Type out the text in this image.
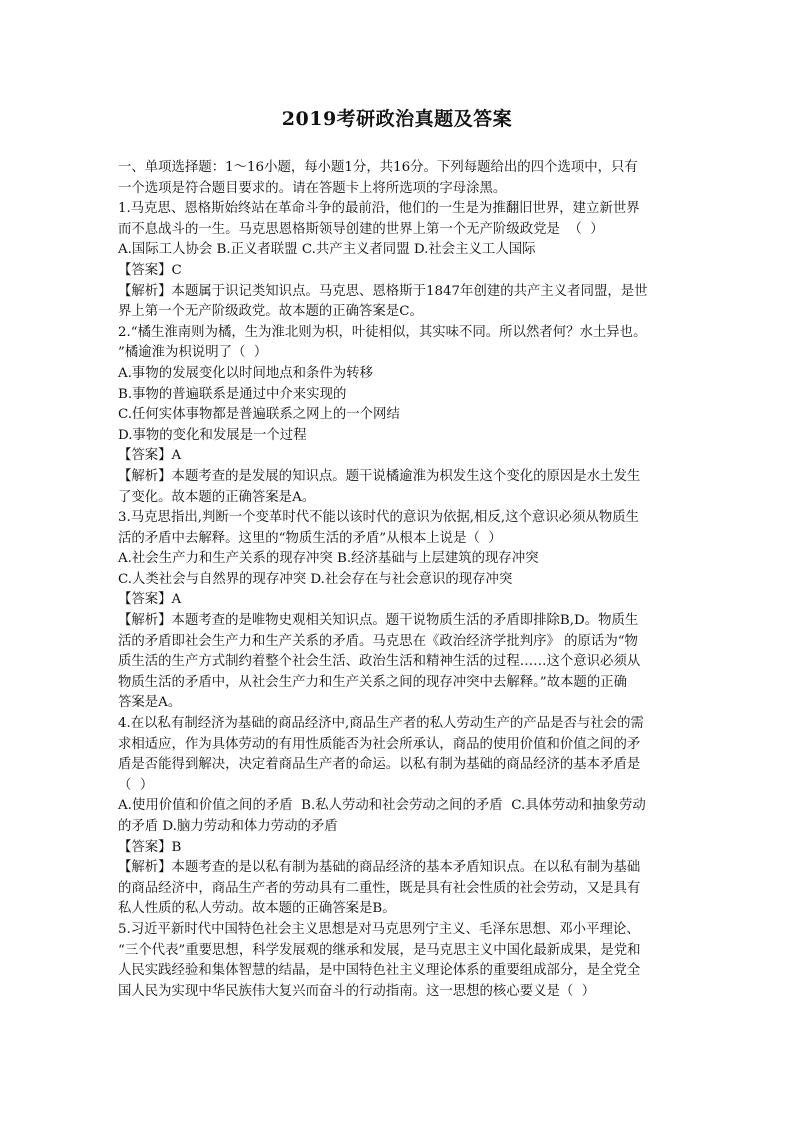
2019考研政治真题及答案

一、单项选择题：1～16小题，每小题1分，共16分。下列每题给出的四个选项中，只有

一个选项是符合题目要求的。请在答题卡上将所选项的字母涂黑。

1.马克思、恩格斯始终站在革命斗争的最前沿，他们的一生是为推翻旧世界，建立新世界

而不息战斗的一生。马克思恩格斯领导创建的世界上第一个无产阶级政党是  （  ）

A.国际工人协会 B.正义者联盟 C.共产主义者同盟 D.社会主义工人国际

【答案】C

【解析】本题属于识记类知识点。马克思、恩格斯于1847年创建的共产主义者同盟，是世

界上第一个无产阶级政党。故本题的正确答案是C。

2.“橘生淮南则为橘，生为淮北则为枳，叶徒相似，其实味不同。所以然者何？水土异也。

”橘逾淮为枳说明了（  ）

A.事物的发展变化以时间地点和条件为转移

B.事物的普遍联系是通过中介来实现的

C.任何实体事物都是普遍联系之网上的一个网结

D.事物的变化和发展是一个过程

【答案】A

【解析】本题考查的是发展的知识点。题干说橘逾淮为枳发生这个变化的原因是水土发生

了变化。故本题的正确答案是A。

3.马克思指出,判断一个变革时代不能以该时代的意识为依据,相反,这个意识必须从物质生

活的矛盾中去解释。这里的“物质生活的矛盾”从根本上说是（  ）

A.社会生产力和生产关系的现存冲突 B.经济基础与上层建筑的现存冲突

C.人类社会与自然界的现存冲突 D.社会存在与社会意识的现存冲突

【答案】A

【解析】本题考查的是唯物史观相关知识点。题干说物质生活的矛盾即排除B,D。物质生

活的矛盾即社会生产力和生产关系的矛盾。马克思在《政治经济学批判序》 的原话为“物

质生活的生产方式制约着整个社会生活、政治生活和精神生活的过程……这个意识必须从

物质生活的矛盾中，从社会生产力和生产关系之间的现存冲突中去解释。”故本题的正确

答案是A。

4.在以私有制经济为基础的商品经济中,商品生产者的私人劳动生产的产品是否与社会的需

求相适应，作为具体劳动的有用性质能否为社会所承认，商品的使用价值和价值之间的矛

盾是否能得到解决，决定着商品生产者的命运。以私有制为基础的商品经济的基本矛盾是

（  ）

A.使用价值和价值之间的矛盾  B.私人劳动和社会劳动之间的矛盾  C.具体劳动和抽象劳动

的矛盾 D.脑力劳动和体力劳动的矛盾

【答案】B

【解析】本题考查的是以私有制为基础的商品经济的基本矛盾知识点。在以私有制为基础

的商品经济中，商品生产者的劳动具有二重性，既是具有社会性质的社会劳动，又是具有

私人性质的私人劳动。故本题的正确答案是B。

5.习近平新时代中国特色社会主义思想是对马克思列宁主义、毛泽东思想、邓小平理论、

“三个代表”重要思想，科学发展观的继承和发展，是马克思主义中国化最新成果，是党和

人民实践经验和集体智慧的结晶，是中国特色社主义理论体系的重要组成部分，是全党全

国人民为实现中华民族伟大复兴而奋斗的行动指南。这一思想的核心要义是（  ）
